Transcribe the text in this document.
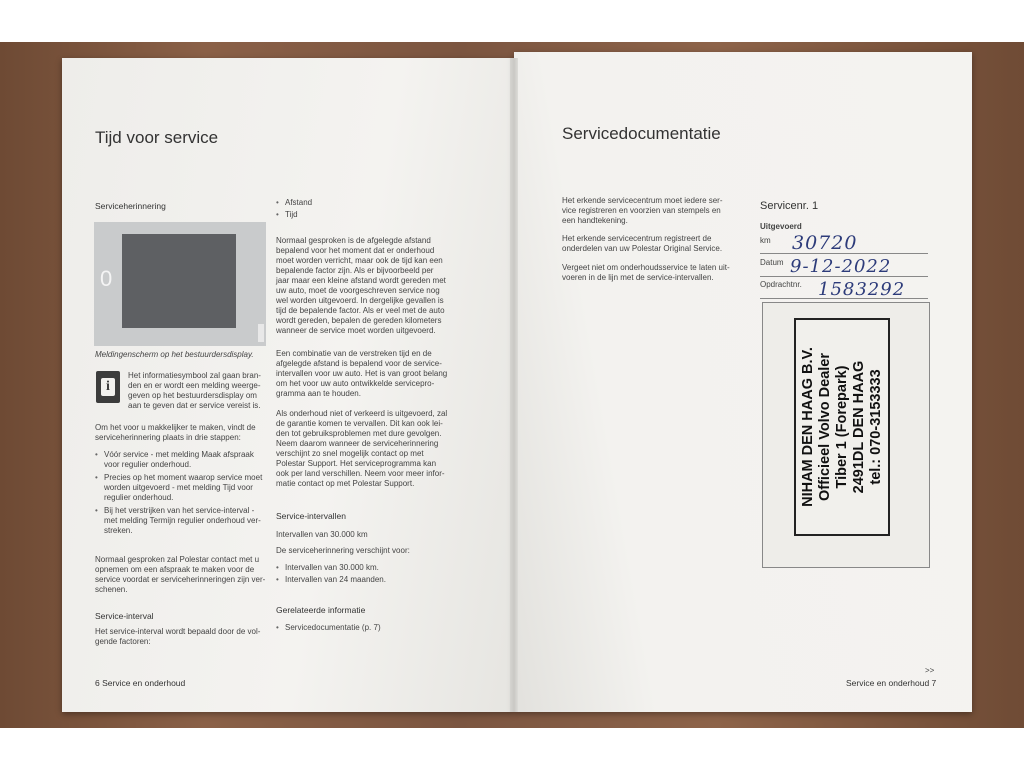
Tijd voor service
Serviceherinnering
0
Meldingenscherm op het bestuurdersdisplay.
i
Het informatiesymbool zal gaan bran-
den en er wordt een melding weerge-
geven op het bestuurdersdisplay om
aan te geven dat er service vereist is.
Om het voor u makkelijker te maken, vindt de
serviceherinnering plaats in drie stappen:
• Vóór service - met melding Maak afspraak
voor regulier onderhoud.
• Precies op het moment waarop service moet
worden uitgevoerd - met melding Tijd voor
regulier onderhoud.
• Bij het verstrijken van het service-interval -
met melding Termijn regulier onderhoud ver-
streken.
Normaal gesproken zal Polestar contact met u
opnemen om een afspraak te maken voor de
service voordat er serviceherinneringen zijn ver-
schenen.
Service-interval
Het service-interval wordt bepaald door de vol-
gende factoren:
6 Service en onderhoud
• Afstand
• Tijd
Normaal gesproken is de afgelegde afstand
bepalend voor het moment dat er onderhoud
moet worden verricht, maar ook de tijd kan een
bepalende factor zijn. Als er bijvoorbeeld per
jaar maar een kleine afstand wordt gereden met
uw auto, moet de voorgeschreven service nog
wel worden uitgevoerd. In dergelijke gevallen is
tijd de bepalende factor. Als er veel met de auto
wordt gereden, bepalen de gereden kilometers
wanneer de service moet worden uitgevoerd.
Een combinatie van de verstreken tijd en de
afgelegde afstand is bepalend voor de service-
intervallen voor uw auto. Het is van groot belang
om het voor uw auto ontwikkelde servicepro-
gramma aan te houden.
Als onderhoud niet of verkeerd is uitgevoerd, zal
de garantie komen te vervallen. Dit kan ook lei-
den tot gebruiksproblemen met dure gevolgen.
Neem daarom wanneer de serviceherinnering
verschijnt zo snel mogelijk contact op met
Polestar Support. Het serviceprogramma kan
ook per land verschillen. Neem voor meer infor-
matie contact op met Polestar Support.
Service-intervallen
Intervallen van 30.000 km
De serviceherinnering verschijnt voor:
• Intervallen van 30.000 km.
• Intervallen van 24 maanden.
Gerelateerde informatie
• Servicedocumentatie (p. 7)
Servicedocumentatie
Het erkende servicecentrum moet iedere ser-
vice registreren en voorzien van stempels en
een handtekening.
Het erkende servicecentrum registreert de
onderdelen van uw Polestar Original Service.
Vergeet niet om onderhoudsservice te laten uit-
voeren in de lijn met de service-intervallen.
Servicenr. 1
Uitgevoerd
km 30720
Datum 9-12-2022
Opdrachtnr. 1583292
NIHAM DEN HAAG B.V. Officieel Volvo Dealer Tiber 1 (Forepark) 2491DL DEN HAAG tel.: 070-3153333
>>
Service en onderhoud 7
